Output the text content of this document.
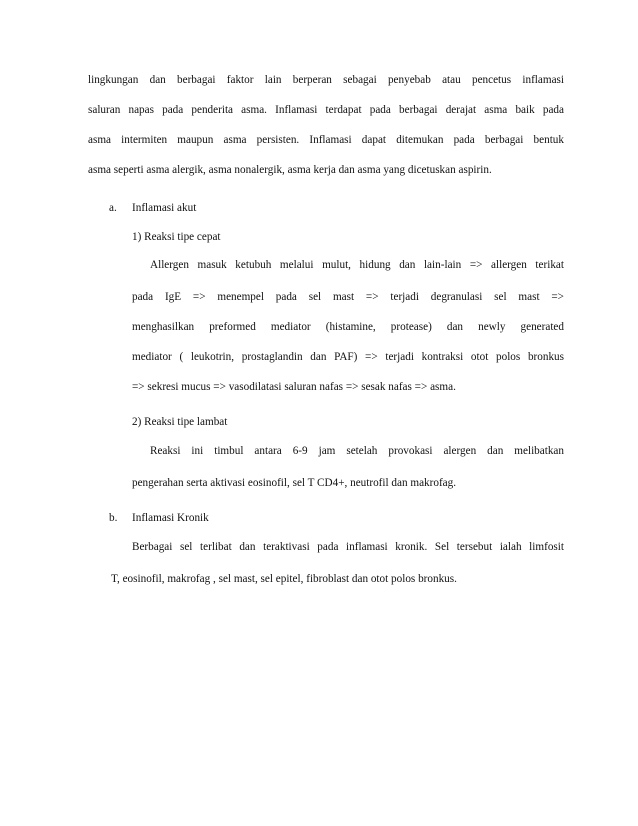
lingkungan dan berbagai faktor lain berperan sebagai penyebab atau pencetus inflamasi

saluran napas pada penderita asma. Inflamasi terdapat pada berbagai derajat asma baik pada

asma intermiten maupun asma persisten. Inflamasi dapat ditemukan pada berbagai bentuk

asma seperti asma alergik, asma nonalergik, asma kerja dan asma yang dicetuskan aspirin.

a. Inflamasi akut

1) Reaksi tipe cepat

Allergen masuk ketubuh melalui mulut, hidung dan lain-lain => allergen terikat

pada IgE => menempel pada sel mast => terjadi degranulasi sel mast =>

menghasilkan preformed mediator (histamine, protease) dan newly generated

mediator ( leukotrin, prostaglandin dan PAF) => terjadi kontraksi otot polos bronkus

=> sekresi mucus => vasodilatasi saluran nafas => sesak nafas => asma.

2) Reaksi tipe lambat

Reaksi ini timbul antara 6-9 jam setelah provokasi alergen dan melibatkan

pengerahan serta aktivasi eosinofil, sel T CD4+, neutrofil dan makrofag.

b. Inflamasi Kronik

Berbagai sel terlibat dan teraktivasi pada inflamasi kronik. Sel tersebut ialah limfosit

T, eosinofil, makrofag , sel mast, sel epitel, fibroblast dan otot polos bronkus.
